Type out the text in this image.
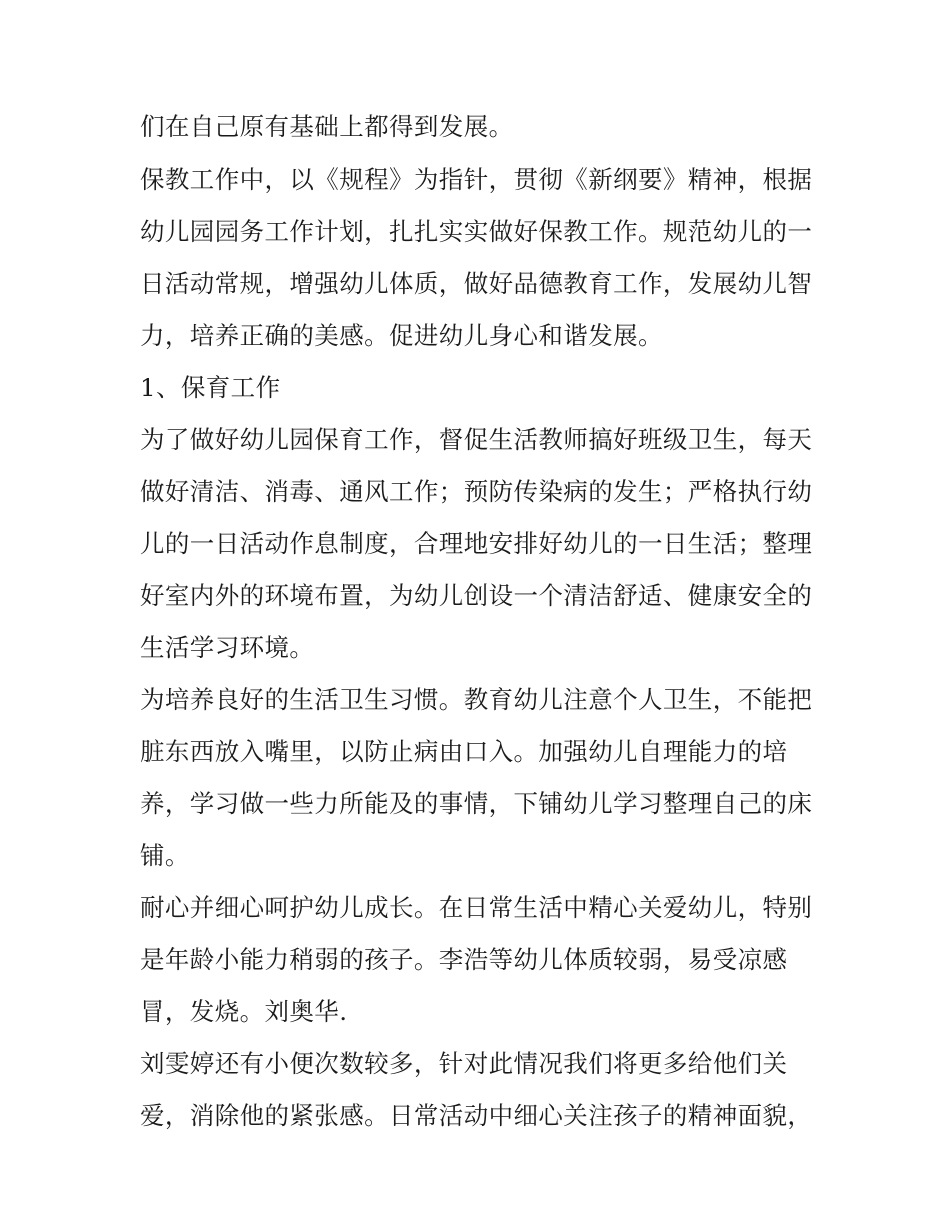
们在自己原有基础上都得到发展。

保教工作中，以《规程》为指针，贯彻《新纲要》精神，根据

幼儿园园务工作计划，扎扎实实做好保教工作。规范幼儿的一

日活动常规，增强幼儿体质，做好品德教育工作，发展幼儿智

力，培养正确的美感。促进幼儿身心和谐发展。

1、保育工作

为了做好幼儿园保育工作，督促生活教师搞好班级卫生，每天

做好清洁、消毒、通风工作；预防传染病的发生；严格执行幼

儿的一日活动作息制度，合理地安排好幼儿的一日生活；整理

好室内外的环境布置，为幼儿创设一个清洁舒适、健康安全的

生活学习环境。

为培养良好的生活卫生习惯。教育幼儿注意个人卫生，不能把

脏东西放入嘴里，以防止病由口入。加强幼儿自理能力的培

养，学习做一些力所能及的事情，下铺幼儿学习整理自己的床

铺。

耐心并细心呵护幼儿成长。在日常生活中精心关爱幼儿，特别

是年龄小能力稍弱的孩子。李浩等幼儿体质较弱，易受凉感

冒，发烧。刘奥华.

刘雯婷还有小便次数较多，针对此情况我们将更多给他们关

爱，消除他的紧张感。日常活动中细心关注孩子的精神面貌，
